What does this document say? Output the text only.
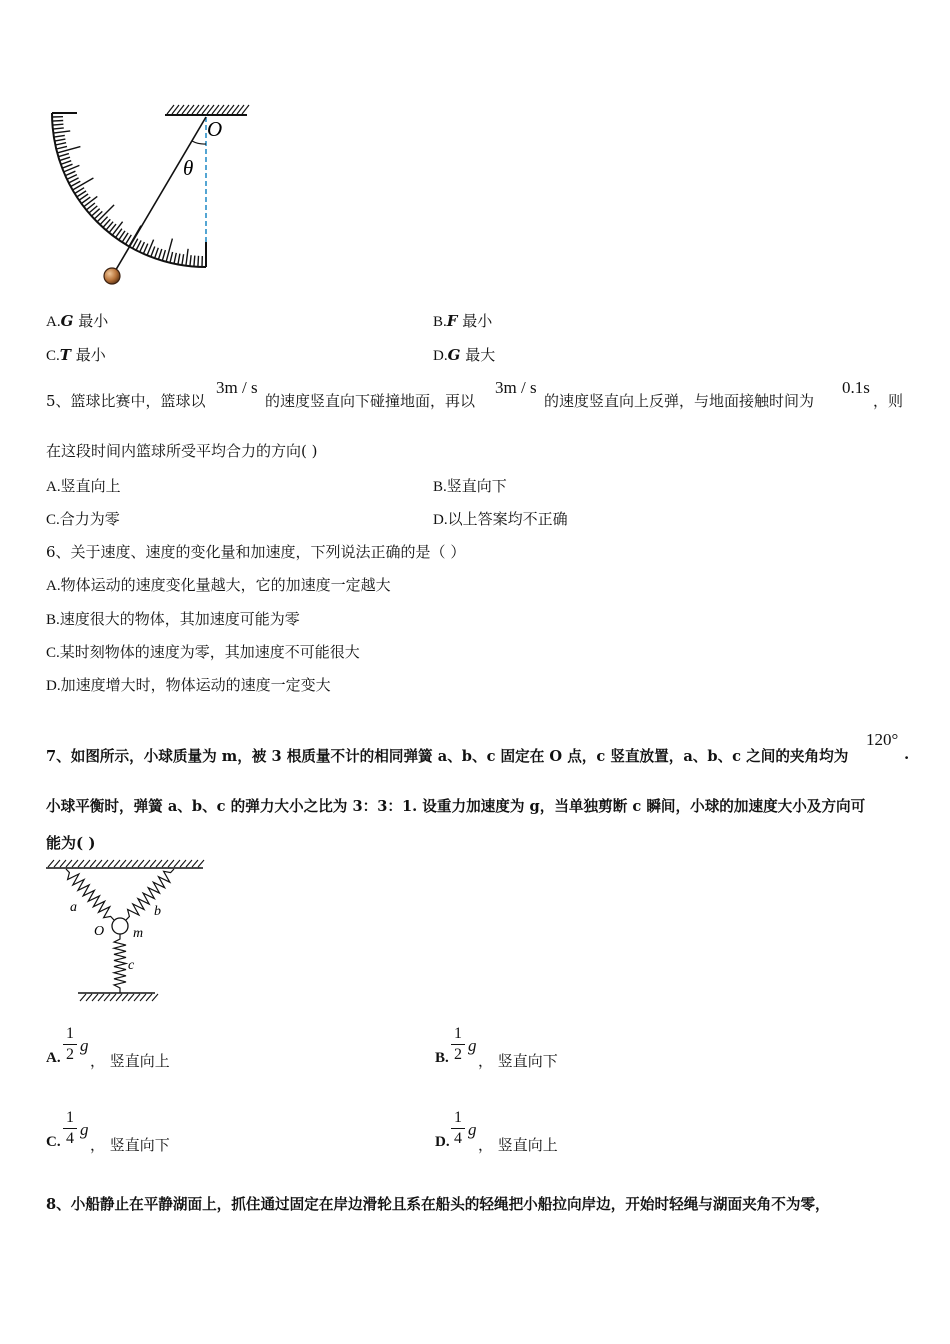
O
θ
A.G 最小	B.F 最小
C.T 最小	D.G 最大
5、篮球比赛中，篮球以
3m / s
的速度竖直向下碰撞地面，再以
3m / s
的速度竖直向上反弹，与地面接触时间为
0.1s
，则
在这段时间内篮球所受平均合力的方向( )
A.竖直向上	B.竖直向下
C.合力为零	D.以上答案均不正确
6、关于速度、速度的变化量和加速度，下列说法正确的是（ ）
A.物体运动的速度变化量越大，它的加速度一定越大
B.速度很大的物体，其加速度可能为零
C.某时刻物体的速度为零，其加速度不可能很大
D.加速度增大时，物体运动的速度一定变大
7、如图所示，小球质量为 m，被 3 根质量不计的相同弹簧 a、b、c 固定在 O 点，c 竖直放置，a、b、c 之间的夹角均为
120°
.
小球平衡时，弹簧 a、b、c 的弹力大小之比为 3：3：1. 设重力加速度为 g，当单独剪断 c 瞬间，小球的加速度大小及方向可
能为( )
a	b
O m
c
A.
1
2 g
， 竖直向上	B.
1
2 g
， 竖直向下
C.
1
4 g
， 竖直向下	D.
1
4 g
， 竖直向上
8、小船静止在平静湖面上，抓住通过固定在岸边滑轮且系在船头的轻绳把小船拉向岸边，开始时轻绳与湖面夹角不为零，
